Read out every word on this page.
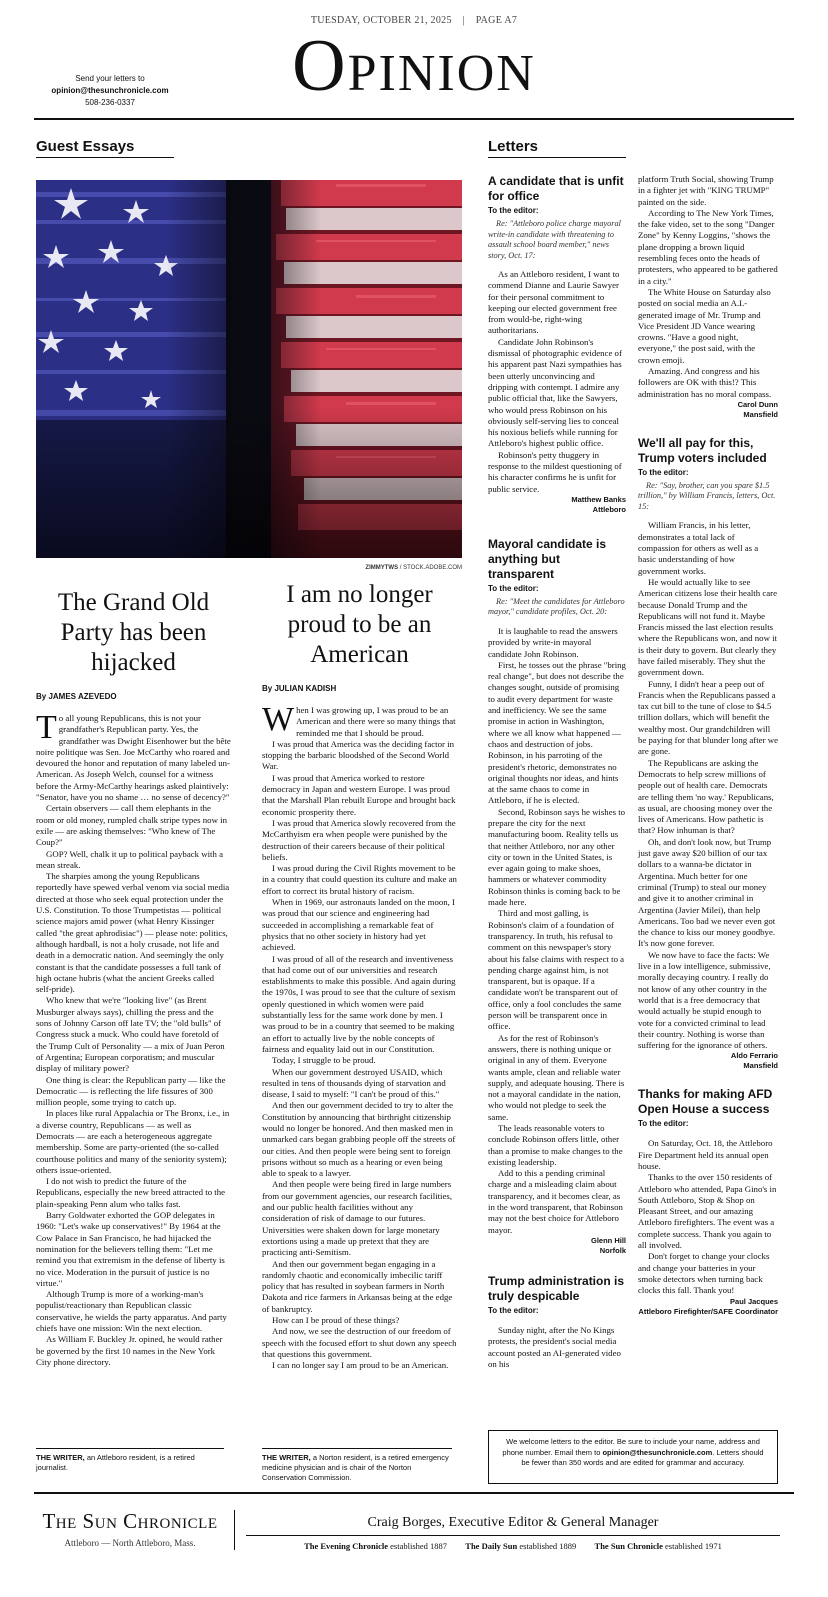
TUESDAY, OCTOBER 21, 2025 | PAGE A7
Opinion
Send your letters to
opinion@thesunchronicle.com
508-236-0337
Guest Essays	Letters
ZIMMYTWS / STOCK.ADOBE.COM
The Grand Old Party has been hijacked
By JAMES AZEVEDO

To all young Republicans, this is not your grandfather's Republican party. Yes, the grandfather was Dwight Eisenhower but the bête noire politique was Sen. Joe McCarthy who roared and devoured the honor and reputation of many labeled un-American. As Joseph Welch, counsel for a witness before the Army-McCarthy hearings asked plaintively: "Senator, have you no shame … no sense of decency?"

Certain observers — call them elephants in the room or old money, rumpled chalk stripe types now in exile — are asking themselves: "Who knew of The Coup?"

GOP? Well, chalk it up to political payback with a mean streak.

The sharpies among the young Republicans reportedly have spewed verbal venom via social media directed at those who seek equal protection under the U.S. Constitution. To those Trumpetistas — political science majors amid power (what Henry Kissinger called "the great aphrodisiac") — please note: politics, although hardball, is not a holy crusade, not life and death in a democratic nation. And seemingly the only constant is that the candidate possesses a full tank of high octane hubris (what the ancient Greeks called self-pride).

Who knew that we're "looking live" (as Brent Musburger always says), chilling the press and the sons of Johnny Carson off late TV; the "old bulls" of Congress stuck a muck. Who could have foretold of the Trump Cult of Personality — a mix of Juan Peron of Argentina; European corporatism; and muscular display of military power?

One thing is clear: the Republican party — like the Democratic — is reflecting the life fissures of 300 million people, some trying to catch up.

In places like rural Appalachia or The Bronx, i.e., in a diverse country, Republicans — as well as Democrats — are each a heterogeneous aggregate membership. Some are party-oriented (the so-called courthouse politics and many of the seniority system); others issue-oriented.

I do not wish to predict the future of the Republicans, especially the new breed attracted to the plain-speaking Penn alum who talks fast.

Barry Goldwater exhorted the GOP delegates in 1960: "Let's wake up conservatives!" By 1964 at the Cow Palace in San Francisco, he had hijacked the nomination for the believers telling them: "Let me remind you that extremism in the defense of liberty is no vice. Moderation in the pursuit of justice is no virtue."

Although Trump is more of a working-man's populist/reactionary than Republican classic conservative, he wields the party apparatus. And party chiefs have one mission: Win the next election.

As William F. Buckley Jr. opined, he would rather be governed by the first 10 names in the New York City phone directory.

THE WRITER, an Attleboro resident, is a retired journalist.
I am no longer proud to be an American
By JULIAN KADISH

When I was growing up, I was proud to be an American and there were so many things that reminded me that I should be proud.

I was proud that America was the deciding factor in stopping the barbaric bloodshed of the Second World War.

I was proud that America worked to restore democracy in Japan and western Europe. I was proud that the Marshall Plan rebuilt Europe and brought back economic prosperity there.

I was proud that America slowly recovered from the McCarthyism era when people were punished by the destruction of their careers because of their political beliefs.

I was proud during the Civil Rights movement to be in a country that could question its culture and make an effort to correct its brutal history of racism.

When in 1969, our astronauts landed on the moon, I was proud that our science and engineering had succeeded in accomplishing a remarkable feat of physics that no other society in history had yet achieved.

I was proud of all of the research and inventiveness that had come out of our universities and research establishments to make this possible. And again during the 1970s, I was proud to see that the culture of sexism openly questioned in which women were paid substantially less for the same work done by men. I was proud to be in a country that seemed to be making an effort to actually live by the noble concepts of fairness and equality laid out in our Constitution.

Today, I struggle to be proud.

When our government destroyed USAID, which resulted in tens of thousands dying of starvation and disease, I said to myself: "I can't be proud of this."

And then our government decided to try to alter the Constitution by announcing that birthright citizenship would no longer be honored. And then masked men in unmarked cars began grabbing people off the streets of our cities. And then people were being sent to foreign prisons without so much as a hearing or even being able to speak to a lawyer.

And then people were being fired in large numbers from our government agencies, our research facilities, and our public health facilities without any consideration of risk of damage to our futures. Universities were shaken down for large monetary extortions using a made up pretext that they are practicing anti-Semitism.

And then our government began engaging in a randomly chaotic and economically imbecilic tariff policy that has resulted in soybean farmers in North Dakota and rice farmers in Arkansas being at the edge of bankruptcy.

How can I be proud of these things?

And now, we see the destruction of our freedom of speech with the focused effort to shut down any speech that questions this government.

I can no longer say I am proud to be an American.

THE WRITER, a Norton resident, is a retired emergency medicine physician and is chair of the Norton Conservation Commission.
A candidate that is unfit for office
To the editor:
Re: "Attleboro police charge mayoral write-in candidate with threatening to assault school board member," news story, Oct. 17:

As an Attleboro resident, I want to commend Dianne and Laurie Sawyer for their personal commitment to keeping our elected government free from would-be, right-wing authoritarians.

Candidate John Robinson's dismissal of photographic evidence of his apparent past Nazi sympathies has been utterly unconvincing and dripping with contempt. I admire any public official that, like the Sawyers, who would press Robinson on his obviously self-serving lies to conceal his noxious beliefs while running for Attleboro's highest public office.

Robinson's petty thuggery in response to the mildest questioning of his character confirms he is unfit for public service.

Matthew Banks
Attleboro
Mayoral candidate is anything but transparent
To the editor:
Re: "Meet the candidates for Attleboro mayor," candidate profiles, Oct. 20:

It is laughable to read the answers provided by write-in mayoral candidate John Robinson.

First, he tosses out the phrase "bring real change", but does not describe the changes sought, outside of promising to audit every department for waste and inefficiency. We see the same promise in action in Washington, where we all know what happened — chaos and destruction of jobs. Robinson, in his parroting of the president's rhetoric, demonstrates no original thoughts nor ideas, and hints at the same chaos to come in Attleboro, if he is elected.

Second, Robinson says he wishes to prepare the city for the next manufacturing boom. Reality tells us that neither Attleboro, nor any other city or town in the United States, is ever again going to make shoes, hammers or whatever commodity Robinson thinks is coming back to be made here.

Third and most galling, is Robinson's claim of a foundation of transparency. In truth, his refusal to comment on this newspaper's story about his false claims with respect to a pending charge against him, is not transparent, but is opaque. If a candidate won't be transparent out of office, only a fool concludes the same person will be transparent once in office.

As for the rest of Robinson's answers, there is nothing unique or original in any of them. Everyone wants ample, clean and reliable water supply, and adequate housing. There is not a mayoral candidate in the nation, who would not pledge to seek the same.

The leads reasonable voters to conclude Robinson offers little, other than a promise to make changes to the existing leadership.

Add to this a pending criminal charge and a misleading claim about transparency, and it becomes clear, as in the word transparent, that Robinson may not the best choice for Attleboro mayor.

Glenn Hill
Norfolk
Trump administration is truly despicable
To the editor:

Sunday night, after the No Kings protests, the president's social media account posted an AI-generated video on his

platform Truth Social, showing Trump in a fighter jet with "KING TRUMP" painted on the side.

According to The New York Times, the fake video, set to the song "Danger Zone" by Kenny Loggins, "shows the plane dropping a brown liquid resembling feces onto the heads of protesters, who appeared to be gathered in a city."

The White House on Saturday also posted on social media an A.I.-generated image of Mr. Trump and Vice President JD Vance wearing crowns. "Have a good night, everyone," the post said, with the crown emoji.

Amazing. And congress and his followers are OK with this!? This administration has no moral compass.

Carol Dunn
Mansfield
We'll all pay for this, Trump voters included
To the editor:
Re: "Say, brother, can you spare $1.5 trillion," by William Francis, letters, Oct. 15:

William Francis, in his letter, demonstrates a total lack of compassion for others as well as a basic understanding of how government works.

He would actually like to see American citizens lose their health care because Donald Trump and the Republicans will not fund it. Maybe Francis missed the last election results where the Republicans won, and now it is their duty to govern. But clearly they have failed miserably. They shut the government down.

Funny, I didn't hear a peep out of Francis when the Republicans passed a tax cut bill to the tune of close to $4.5 trillion dollars, which will benefit the wealthy most. Our grandchildren will be paying for that blunder long after we are gone.

The Republicans are asking the Democrats to help screw millions of people out of health care. Democrats are telling them 'no way.' Republicans, as usual, are choosing money over the lives of Americans. How pathetic is that? How inhuman is that?

Oh, and don't look now, but Trump just gave away $20 billion of our tax dollars to a wanna-be dictator in Argentina. Much better for one criminal (Trump) to steal our money and give it to another criminal in Argentina (Javier Milei), than help Americans. Too bad we never even got the chance to kiss our money goodbye. It's now gone forever.

We now have to face the facts: We live in a low intelligence, submissive, morally decaying country. I really do not know of any other country in the world that is a free democracy that would actually be stupid enough to vote for a convicted criminal to lead their country. Nothing is worse than suffering for the ignorance of others.

Aldo Ferrario
Mansfield
Thanks for making AFD Open House a success
To the editor:

On Saturday, Oct. 18, the Attleboro Fire Department held its annual open house.

Thanks to the over 150 residents of Attleboro who attended, Papa Gino's in South Attleboro, Stop & Shop on Pleasant Street, and our amazing Attleboro firefighters. The event was a complete success. Thank you again to all involved.

Don't forget to change your clocks and change your batteries in your smoke detectors when turning back clocks this fall. Thank you!

Paul Jacques
Attleboro Firefighter/SAFE Coordinator
We welcome letters to the editor. Be sure to include your name, address and phone number. Email them to opinion@thesunchronicle.com. Letters should be fewer than 350 words and are edited for grammar and accuracy.
The Sun Chronicle
Attleboro — North Attleboro, Mass.
Craig Borges, Executive Editor & General Manager
The Evening Chronicle established 1887 The Daily Sun established 1889 The Sun Chronicle established 1971
